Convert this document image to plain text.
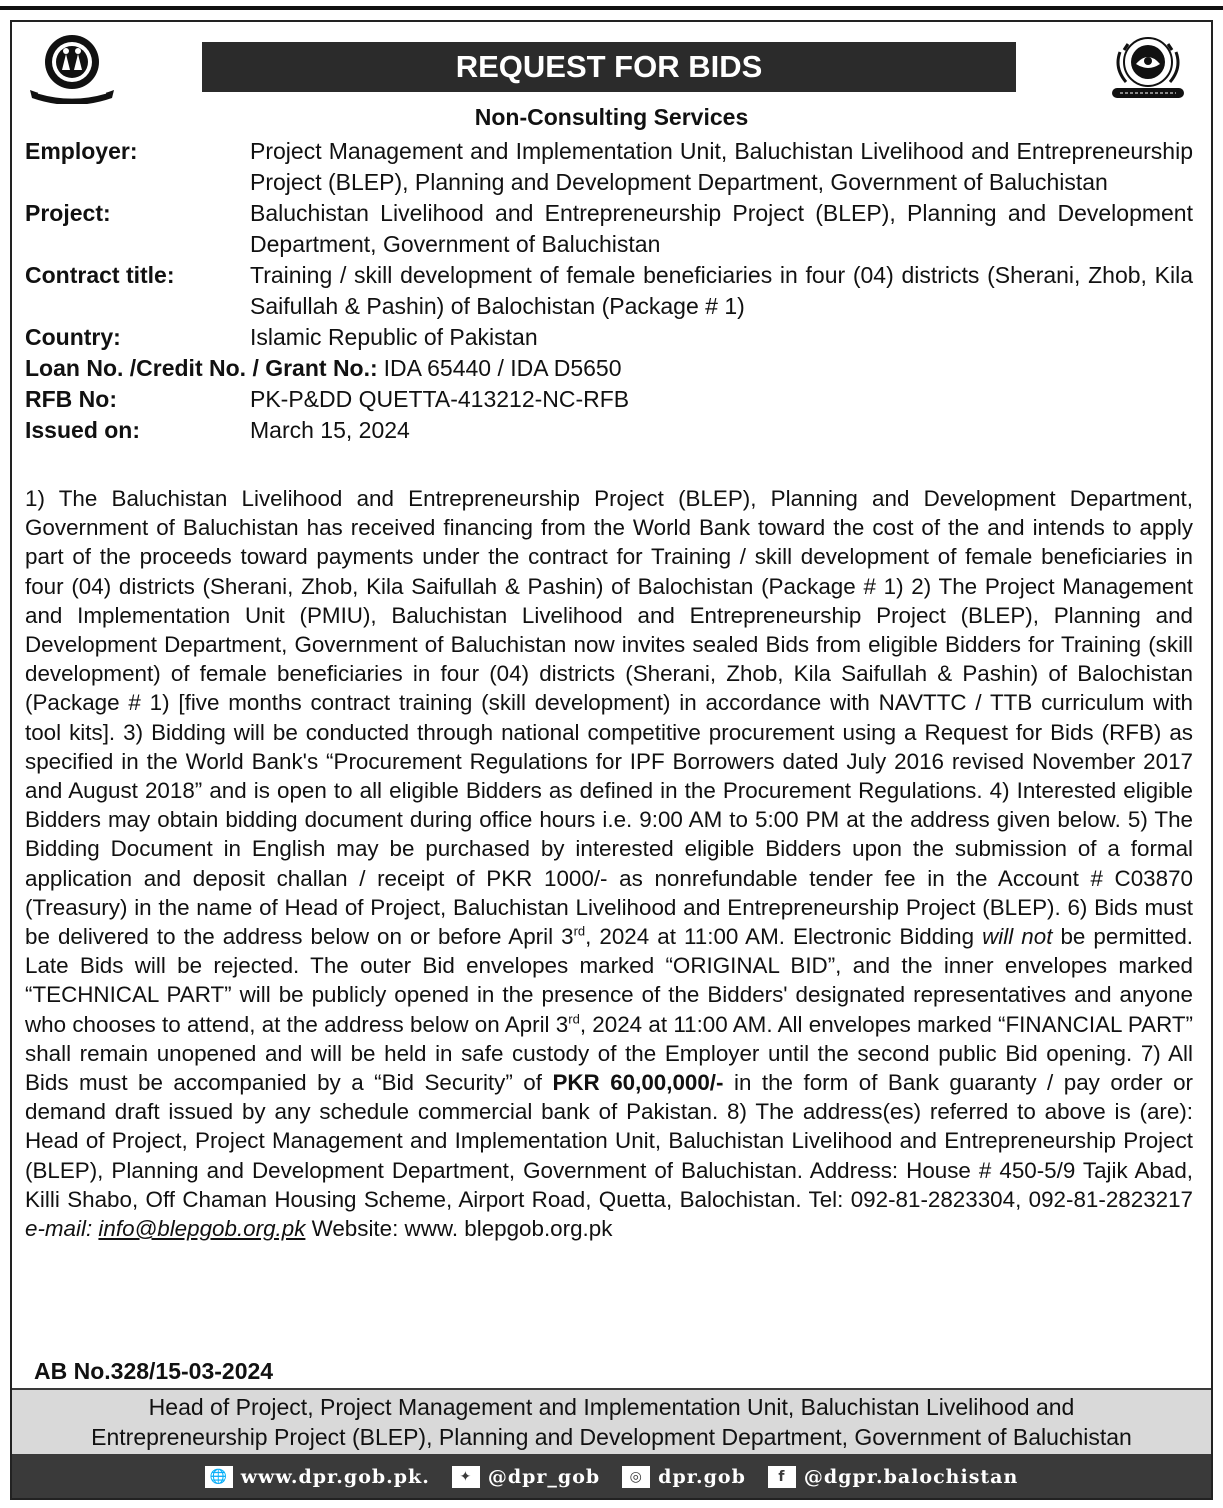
REQUEST FOR BIDS
Non-Consulting Services
Employer:	Project Management and Implementation Unit, Baluchistan Livelihood and Entrepreneurship Project (BLEP), Planning and Development Department, Government of Baluchistan
Project:	Baluchistan Livelihood and Entrepreneurship Project (BLEP), Planning and Development Department, Government of Baluchistan
Contract title:	Training / skill development of female beneficiaries in four (04) districts (Sherani, Zhob, Kila Saifullah & Pashin) of Balochistan (Package # 1)
Country:	Islamic Republic of Pakistan
Loan No. /Credit No. / Grant No.: IDA 65440 / IDA D5650
RFB No:	PK-P&DD QUETTA-413212-NC-RFB
Issued on:	March 15, 2024
1) The Baluchistan Livelihood and Entrepreneurship Project (BLEP), Planning and Development Department, Government of Baluchistan has received financing from the World Bank toward the cost of the and intends to apply part of the proceeds toward payments under the contract for Training / skill development of female beneficiaries in four (04) districts (Sherani, Zhob, Kila Saifullah & Pashin) of Balochistan (Package # 1) 2) The Project Management and Implementation Unit (PMIU), Baluchistan Livelihood and Entrepreneurship Project (BLEP), Planning and Development Department, Government of Baluchistan now invites sealed Bids from eligible Bidders for Training (skill development) of female beneficiaries in four (04) districts (Sherani, Zhob, Kila Saifullah & Pashin) of Balochistan (Package # 1) [five months contract training (skill development) in accordance with NAVTTC / TTB curriculum with tool kits]. 3) Bidding will be conducted through national competitive procurement using a Request for Bids (RFB) as specified in the World Bank's “Procurement Regulations for IPF Borrowers dated July 2016 revised November 2017 and August 2018” and is open to all eligible Bidders as defined in the Procurement Regulations. 4) Interested eligible Bidders may obtain bidding document during office hours i.e. 9:00 AM to 5:00 PM at the address given below. 5) The Bidding Document in English may be purchased by interested eligible Bidders upon the submission of a formal application and deposit challan / receipt of PKR 1000/- as nonrefundable tender fee in the Account # C03870 (Treasury) in the name of Head of Project, Baluchistan Livelihood and Entrepreneurship Project (BLEP). 6) Bids must be delivered to the address below on or before April 3rd, 2024 at 11:00 AM. Electronic Bidding will not be permitted. Late Bids will be rejected. The outer Bid envelopes marked “ORIGINAL BID”, and the inner envelopes marked “TECHNICAL PART” will be publicly opened in the presence of the Bidders' designated representatives and anyone who chooses to attend, at the address below on April 3rd, 2024 at 11:00 AM. All envelopes marked “FINANCIAL PART” shall remain unopened and will be held in safe custody of the Employer until the second public Bid opening. 7) All Bids must be accompanied by a “Bid Security” of PKR 60,00,000/- in the form of Bank guaranty / pay order or demand draft issued by any schedule commercial bank of Pakistan. 8) The address(es) referred to above is (are): Head of Project, Project Management and Implementation Unit, Baluchistan Livelihood and Entrepreneurship Project (BLEP), Planning and Development Department, Government of Baluchistan. Address: House # 450-5/9 Tajik Abad, Killi Shabo, Off Chaman Housing Scheme, Airport Road, Quetta, Balochistan. Tel: 092-81-2823304, 092-81-2823217 e-mail: info@blepgob.org.pk Website: www. blepgob.org.pk
AB No.328/15-03-2024
Head of Project, Project Management and Implementation Unit, Baluchistan Livelihood and
Entrepreneurship Project (BLEP), Planning and Development Department, Government of Baluchistan
🌐 www.dpr.gob.pk.	✦ @dpr_gob	◎ dpr.gob	f @dgpr.balochistan
